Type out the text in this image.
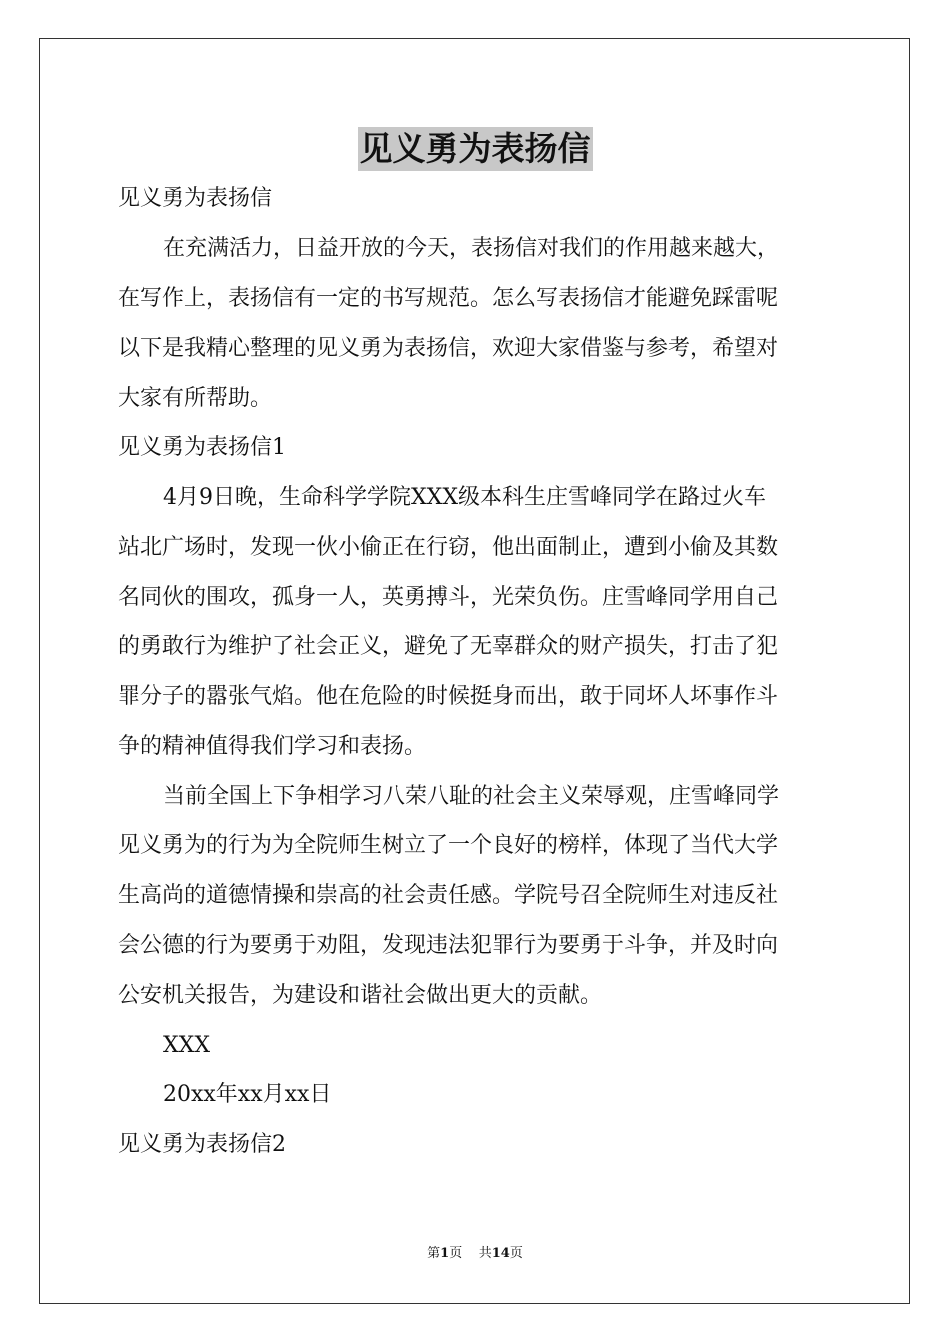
见义勇为表扬信
见义勇为表扬信
在充满活力，日益开放的今天，表扬信对我们的作用越来越大，
在写作上，表扬信有一定的书写规范。怎么写表扬信才能避免踩雷呢
以下是我精心整理的见义勇为表扬信，欢迎大家借鉴与参考，希望对
大家有所帮助。
见义勇为表扬信1
4月9日晚，生命科学学院XXX级本科生庄雪峰同学在路过火车
站北广场时，发现一伙小偷正在行窃，他出面制止，遭到小偷及其数
名同伙的围攻，孤身一人，英勇搏斗，光荣负伤。庄雪峰同学用自己
的勇敢行为维护了社会正义，避免了无辜群众的财产损失，打击了犯
罪分子的嚣张气焰。他在危险的时候挺身而出，敢于同坏人坏事作斗
争的精神值得我们学习和表扬。
当前全国上下争相学习八荣八耻的社会主义荣辱观，庄雪峰同学
见义勇为的行为为全院师生树立了一个良好的榜样，体现了当代大学
生高尚的道德情操和崇高的社会责任感。学院号召全院师生对违反社
会公德的行为要勇于劝阻，发现违法犯罪行为要勇于斗争，并及时向
公安机关报告，为建设和谐社会做出更大的贡献。
XXX
20xx年xx月xx日
见义勇为表扬信2
第1页 共14页
